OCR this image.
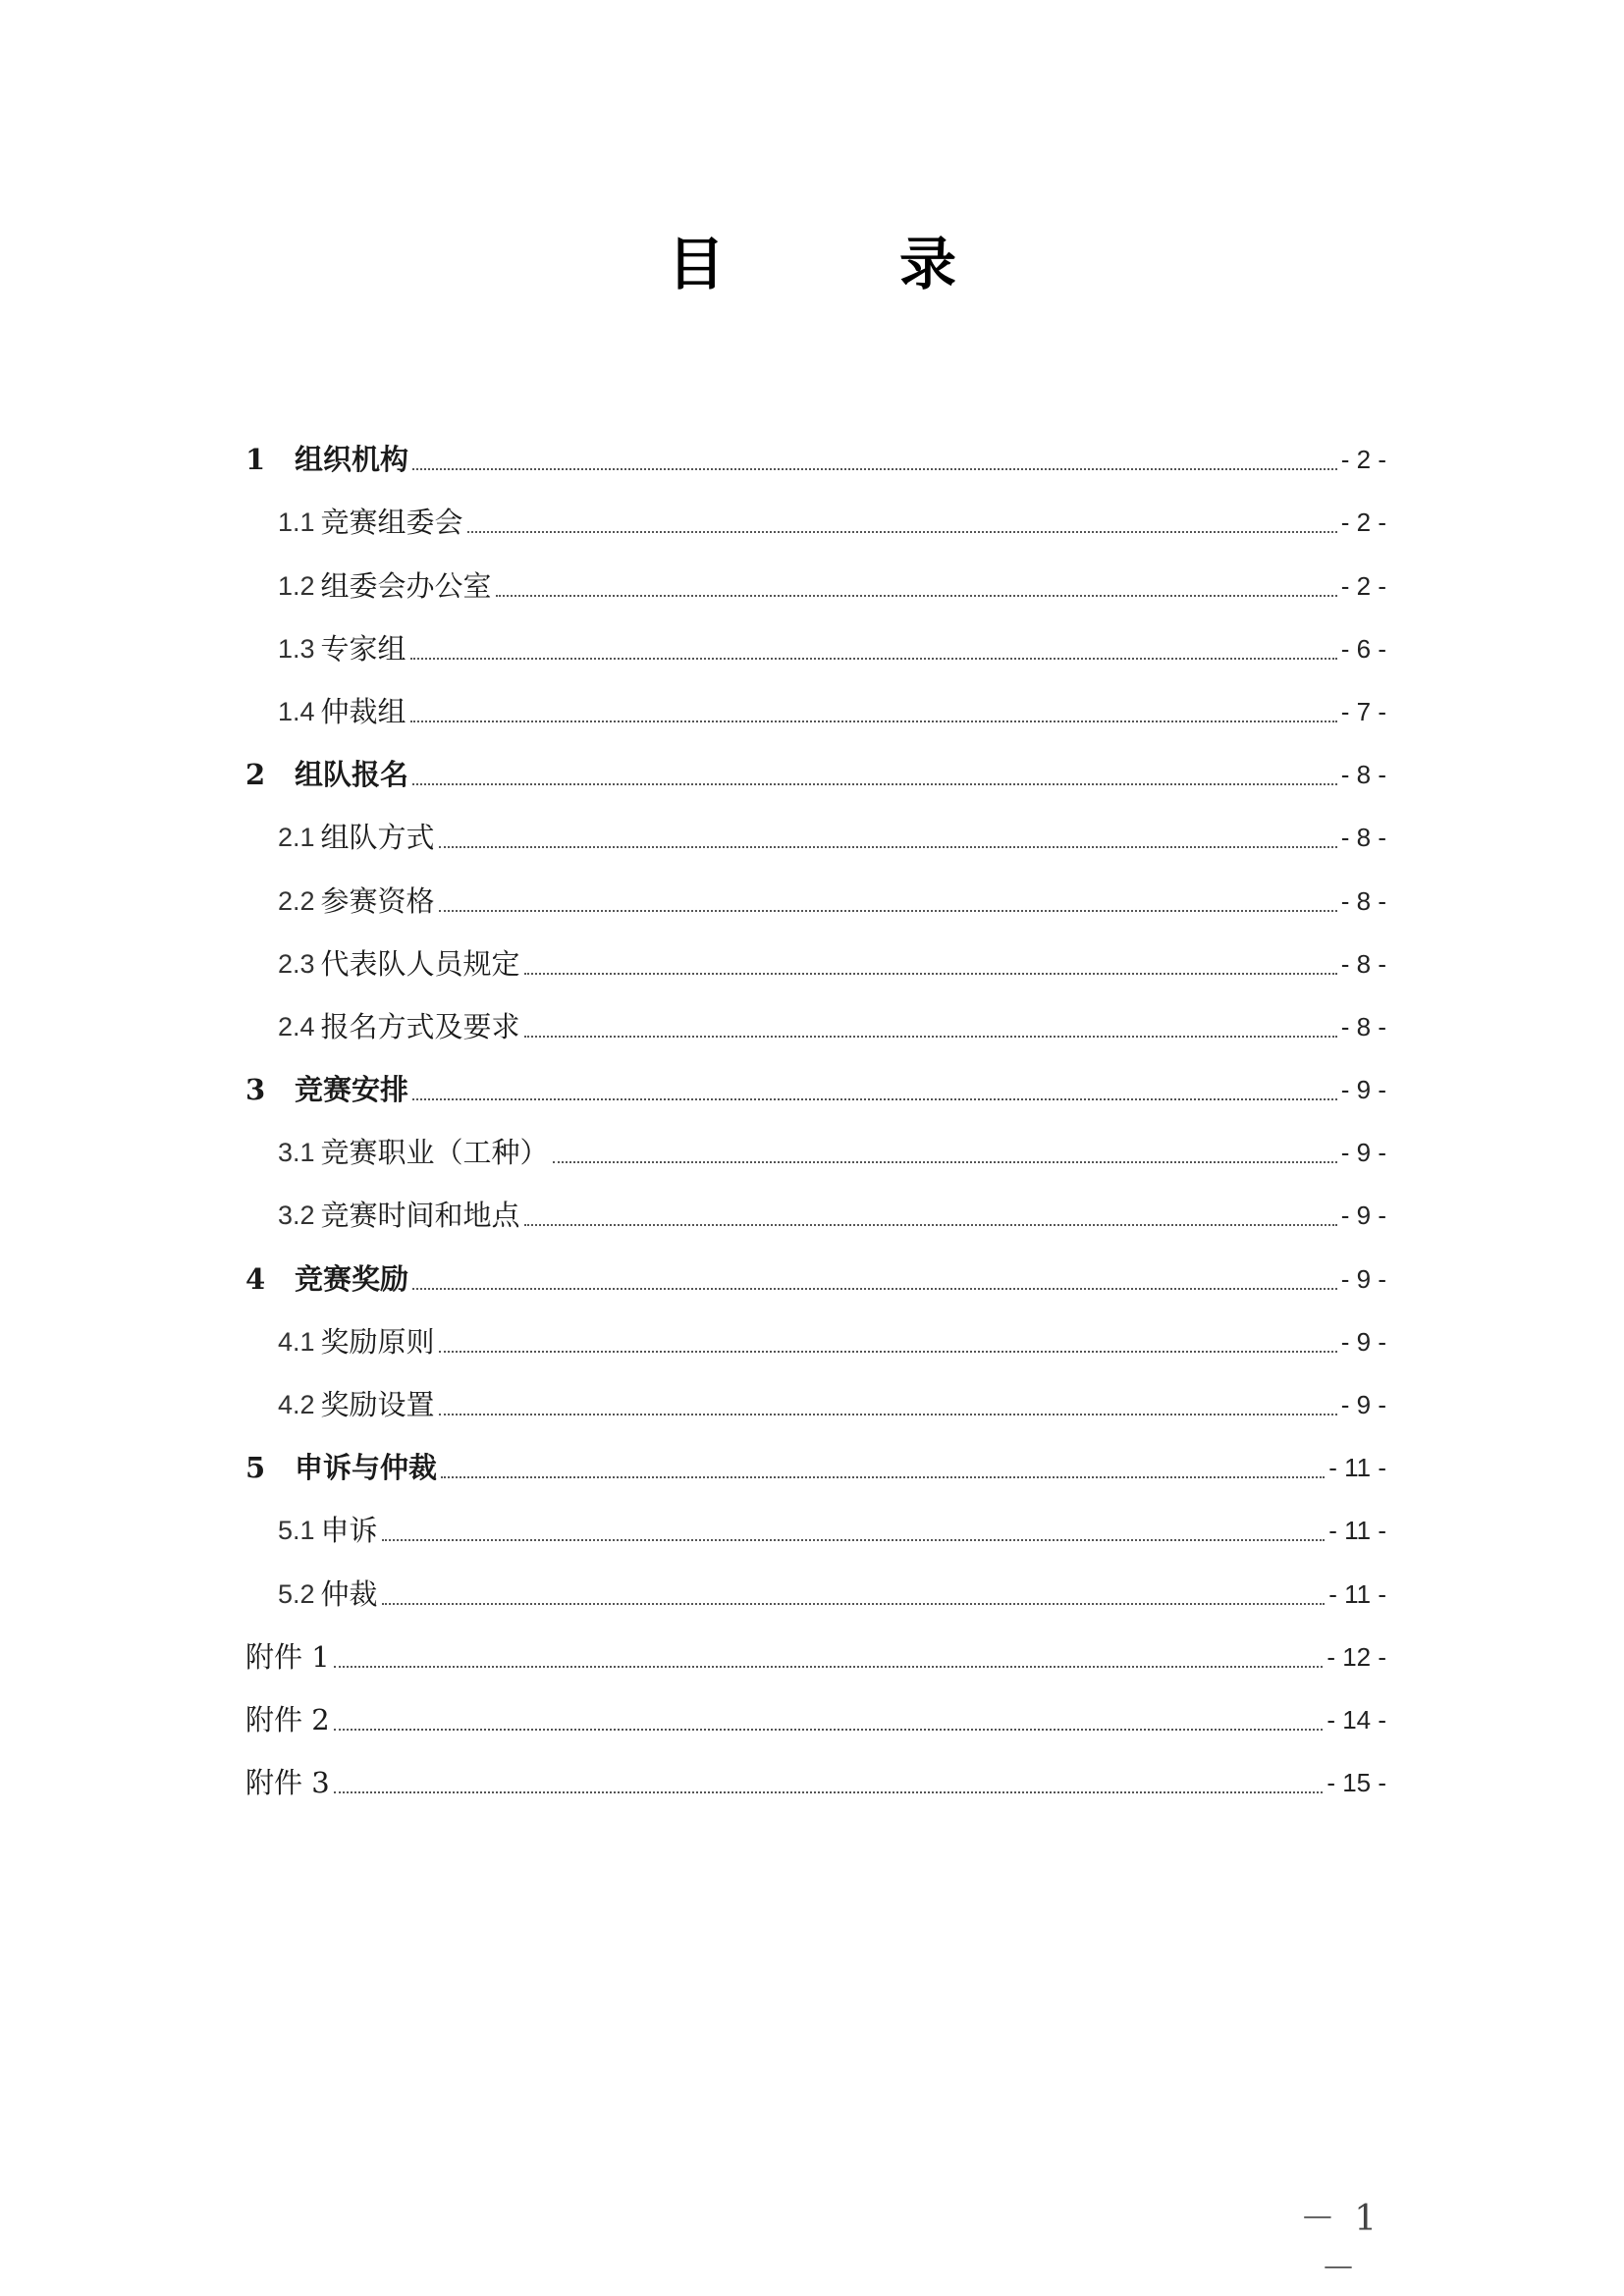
目　录
1	组织机构	- 2 -
1.1 竞赛组委会	- 2 -
1.2 组委会办公室	- 2 -
1.3 专家组	- 6 -
1.4 仲裁组	- 7 -
2	组队报名	- 8 -
2.1 组队方式	- 8 -
2.2 参赛资格	- 8 -
2.3 代表队人员规定	- 8 -
2.4 报名方式及要求	- 8 -
3	竞赛安排	- 9 -
3.1 竞赛职业（工种）	- 9 -
3.2 竞赛时间和地点	- 9 -
4	竞赛奖励	- 9 -
4.1 奖励原则	- 9 -
4.2 奖励设置	- 9 -
5	申诉与仲裁	- 11 -
5.1 申诉	- 11 -
5.2 仲裁	- 11 -
附件 1	- 12 -
附件 2	- 14 -
附件 3	- 15 -
－ 1 －
